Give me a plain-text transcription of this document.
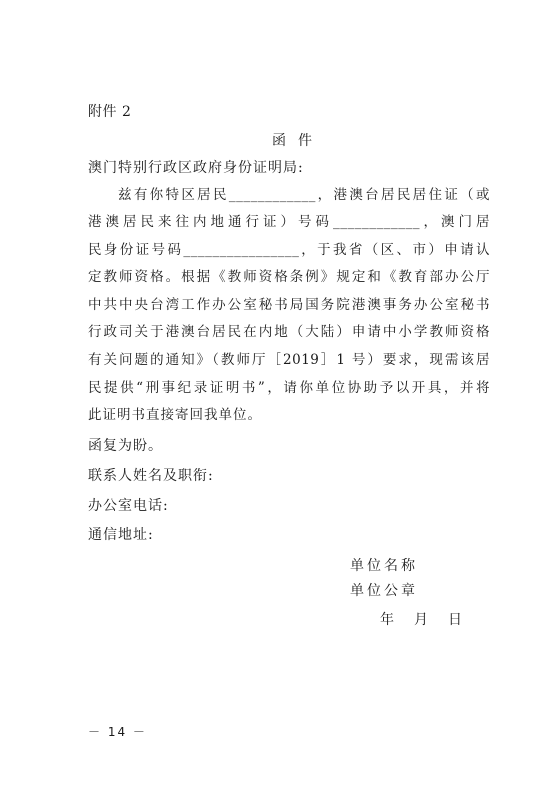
附件 2
函件
澳门特别行政区政府身份证明局:
兹有你特区居民____________，港澳台居民居住证（或
港澳居民来往内地通行证）号码____________，澳门居
民身份证号码________________，于我省（区、市）申请认
定教师资格。根据《教师资格条例》规定和《教育部办公厅
中共中央台湾工作办公室秘书局国务院港澳事务办公室秘书
行政司关于港澳台居民在内地（大陆）申请中小学教师资格
有关问题的通知》（教师厅［2019］1 号）要求，现需该居
民提供“刑事纪录证明书”，请你单位协助予以开具，并将
此证明书直接寄回我单位。
函复为盼。
联系人姓名及职衔:
办公室电话:
通信地址:
单位名称
单位公章
年 月 日
－ 14 －
